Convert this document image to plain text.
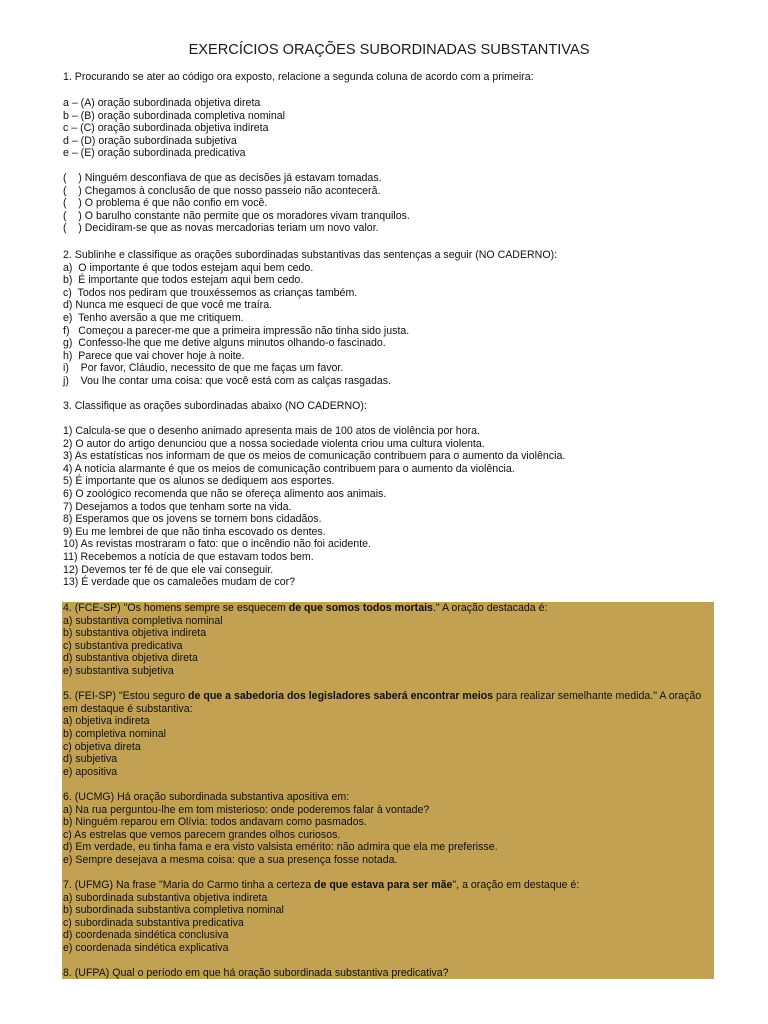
EXERCÍCIOS ORAÇÕES SUBORDINADAS SUBSTANTIVAS
1. Procurando se ater ao código ora exposto, relacione a segunda coluna de acordo com a primeira:
a – (A) oração subordinada objetiva direta
b – (B) oração subordinada completiva nominal
c – (C) oração subordinada objetiva indireta
d – (D) oração subordinada subjetiva
e – (E) oração subordinada predicativa
(    ) Ninguém desconfiava de que as decisões já estavam tomadas.
(    ) Chegamos à conclusão de que nosso passeio não aconteceră.
(    ) O problema é que não confio em você.
(    ) O barulho constante não permite que os moradores vivam tranquilos.
(    ) Decidiram-se que as novas mercadorias teriam um novo valor.
2. Sublinhe e classifique as orações subordinadas substantivas das sentenças a seguir (NO CADERNO):
a)  O importante é que todos estejam aqui bem cedo.
b)  É importante que todos estejam aqui bem cedo.
c)  Todos nos pediram que trouxéssemos as crianças também.
d) Nunca me esqueci de que você me traíra.
e)  Tenho aversão a que me critiquem.
f)   Começou a parecer-me que a primeira impressão não tinha sido justa.
g)  Confesso-lhe que me detive alguns minutos olhando-o fascinado.
h)  Parece que vai chover hoje à noite.
i)    Por favor, Cláudio, necessito de que me faças um favor.
j)    Vou lhe contar uma coisa: que você está com as calças rasgadas.
3. Classifique as orações subordinadas abaixo (NO CADERNO):
1) Calcula-se que o desenho animado apresenta mais de 100 atos de violência por hora.
2) O autor do artigo denunciou que a nossa sociedade violenta criou uma cultura violenta.
3) As estatísticas nos informam de que os meios de comunicação contribuem para o aumento da violência.
4) A notícia alarmante é que os meios de comunicação contribuem para o aumento da violência.
5) É importante que os alunos se dediquem aos esportes.
6) O zoológico recomenda que não se ofereça alimento aos animais.
7) Desejamos a todos que tenham sorte na vida.
8) Esperamos que os jovens se tornem bons cidadãos.
9) Eu me lembrei de que não tinha escovado os dentes.
10) As revistas mostraram o fato: que o incêndio não foi acidente.
11) Recebemos a notícia de que estavam todos bem.
12) Devemos ter fé de que ele vai conseguir.
13) É verdade que os camaleões mudam de cor?
4. (FCE-SP) "Os homens sempre se esquecem de que somos todos mortais." A oração destacada é:
a) substantiva completiva nominal
b) substantiva objetiva indireta
c) substantiva predicativa
d) substantiva objetiva direta
e) substantiva subjetiva
5. (FEI-SP) "Estou seguro de que a sabedoria dos legisladores saberá encontrar meios para realizar semelhante medida." A oração em destaque é substantiva:
a) objetiva indireta
b) completiva nominal
c) objetiva direta
d) subjetiva
e) apositiva
6. (UCMG) Há oração subordinada substantiva apositiva em:
a) Na rua perguntou-lhe em tom misterioso: onde poderemos falar à vontade?
b) Ninguém reparou em Olívia: todos andavam como pasmados.
c) As estrelas que vemos parecem grandes olhos curiosos.
d) Em verdade, eu tinha fama e era visto valsista emérito: não admira que ela me preferisse.
e) Sempre desejava a mesma coisa: que a sua presença fosse notada.
7. (UFMG) Na frase "Maria do Carmo tinha a certeza de que estava para ser mãe", a oração em destaque é:
a) subordinada substantiva objetiva indireta
b) subordinada substantiva completiva nominal
c) subordinada substantiva predicativa
d) coordenada sindética conclusiva
e) coordenada sindética explicativa
8. (UFPA) Qual o período em que há oração subordinada substantiva predicativa?
